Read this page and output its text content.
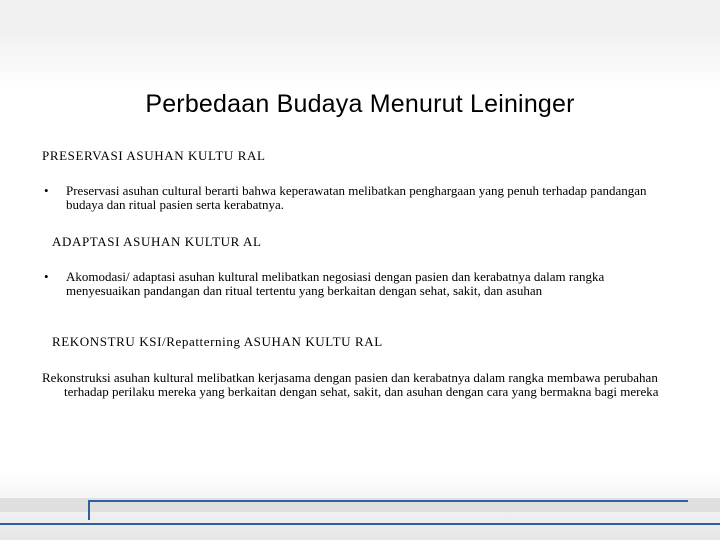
Perbedaan Budaya Menurut Leininger
PRESERVASI ASUHAN KULTU RAL
• Preservasi asuhan cultural berarti bahwa keperawatan melibatkan penghargaan yang penuh terhadap pandangan budaya dan ritual pasien serta kerabatnya.
ADAPTASI ASUHAN KULTUR AL
• Akomodasi/ adaptasi asuhan kultural melibatkan negosiasi dengan pasien dan kerabatnya dalam rangka menyesuaikan pandangan dan ritual tertentu yang berkaitan dengan sehat, sakit, dan asuhan
REKONSTRU KSI/Repatterning ASUHAN KULTU RAL
Rekonstruksi asuhan kultural melibatkan kerjasama dengan pasien dan kerabatnya dalam rangka membawa perubahan terhadap perilaku mereka yang berkaitan dengan sehat, sakit, dan asuhan dengan cara yang bermakna bagi mereka
